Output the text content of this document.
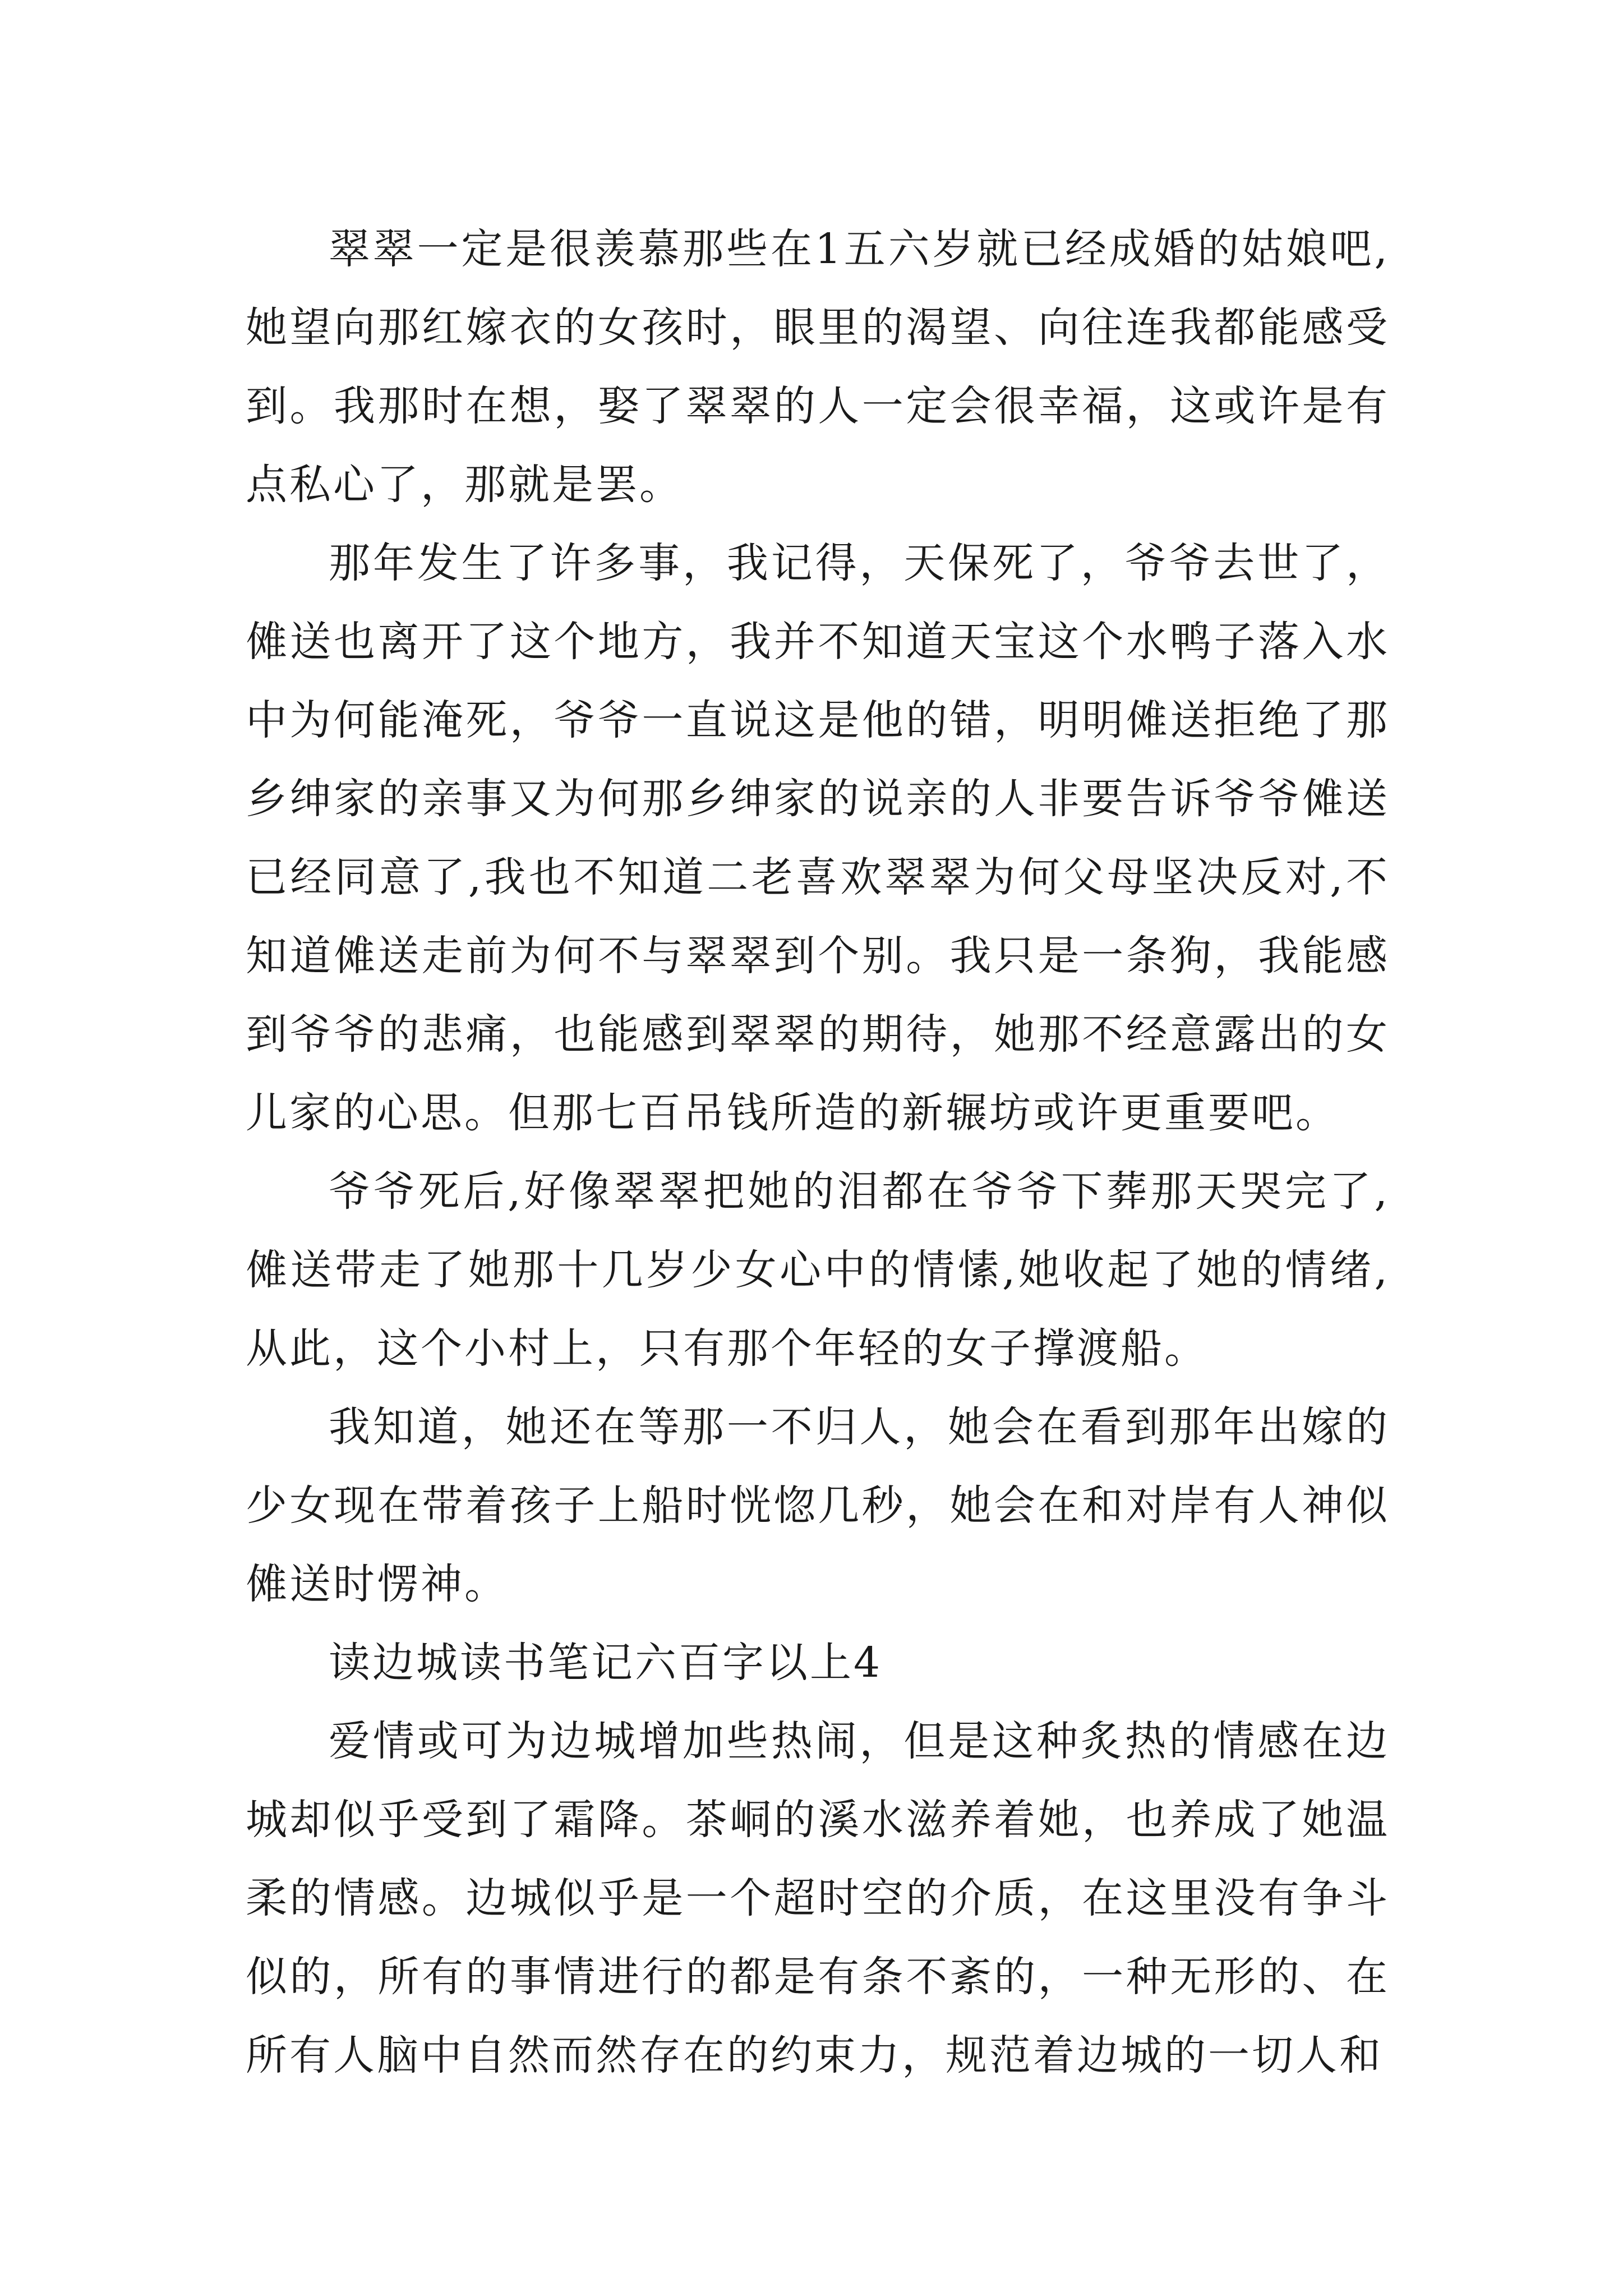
翠翠一定是很羡慕那些在1五六岁就已经成婚的姑娘吧,她望向那红嫁衣的女孩时，眼里的渴望、向往连我都能感受到。我那时在想，娶了翠翠的人一定会很幸福，这或许是有点私心了，那就是罢。

那年发生了许多事，我记得，天保死了，爷爷去世了，傩送也离开了这个地方，我并不知道天宝这个水鸭子落入水中为何能淹死，爷爷一直说这是他的错，明明傩送拒绝了那乡绅家的亲事又为何那乡绅家的说亲的人非要告诉爷爷傩送已经同意了,我也不知道二老喜欢翠翠为何父母坚决反对,不知道傩送走前为何不与翠翠到个别。我只是一条狗，我能感到爷爷的悲痛，也能感到翠翠的期待，她那不经意露出的女儿家的心思。但那七百吊钱所造的新辗坊或许更重要吧。

爷爷死后,好像翠翠把她的泪都在爷爷下葬那天哭完了,傩送带走了她那十几岁少女心中的情愫,她收起了她的情绪,从此，这个小村上，只有那个年轻的女子撑渡船。

我知道，她还在等那一不归人，她会在看到那年出嫁的少女现在带着孩子上船时恍惚几秒，她会在和对岸有人神似傩送时愣神。

读边城读书笔记六百字以上4

爱情或可为边城增加些热闹，但是这种炙热的情感在边城却似乎受到了霜降。茶峒的溪水滋养着她，也养成了她温柔的情感。边城似乎是一个超时空的介质，在这里没有争斗似的，所有的事情进行的都是有条不紊的，一种无形的、在所有人脑中自然而然存在的约束力，规范着边城的一切人和
